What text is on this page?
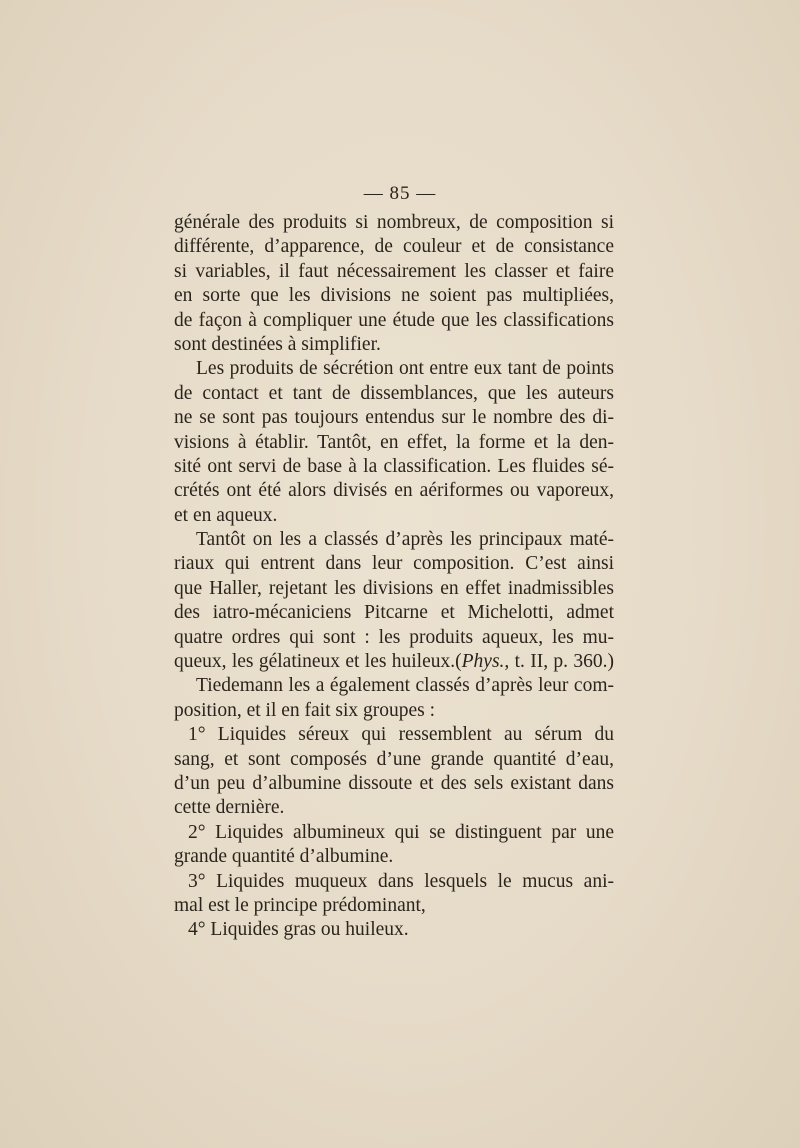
— 85 —
générale des produits si nombreux, de composition si
différente, d’apparence, de couleur et de consistance
si variables, il faut nécessairement les classer et faire
en sorte que les divisions ne soient pas multipliées,
de façon à compliquer une étude que les classifications
sont destinées à simplifier.
Les produits de sécrétion ont entre eux tant de points
de contact et tant de dissemblances, que les auteurs
ne se sont pas toujours entendus sur le nombre des di-
visions à établir. Tantôt, en effet, la forme et la den-
sité ont servi de base à la classification. Les fluides sé-
crétés ont été alors divisés en aériformes ou vaporeux,
et en aqueux.
Tantôt on les a classés d’après les principaux maté-
riaux qui entrent dans leur composition. C’est ainsi
que Haller, rejetant les divisions en effet inadmissibles
des iatro-mécaniciens Pitcarne et Michelotti, admet
quatre ordres qui sont : les produits aqueux, les mu-
queux, les gélatineux et les huileux.(Phys., t. II, p. 360.)
Tiedemann les a également classés d’après leur com-
position, et il en fait six groupes :
1° Liquides séreux qui ressemblent au sérum du
sang, et sont composés d’une grande quantité d’eau,
d’un peu d’albumine dissoute et des sels existant dans
cette dernière.
2° Liquides albumineux qui se distinguent par une
grande quantité d’albumine.
3° Liquides muqueux dans lesquels le mucus ani-
mal est le principe prédominant,
4° Liquides gras ou huileux.
